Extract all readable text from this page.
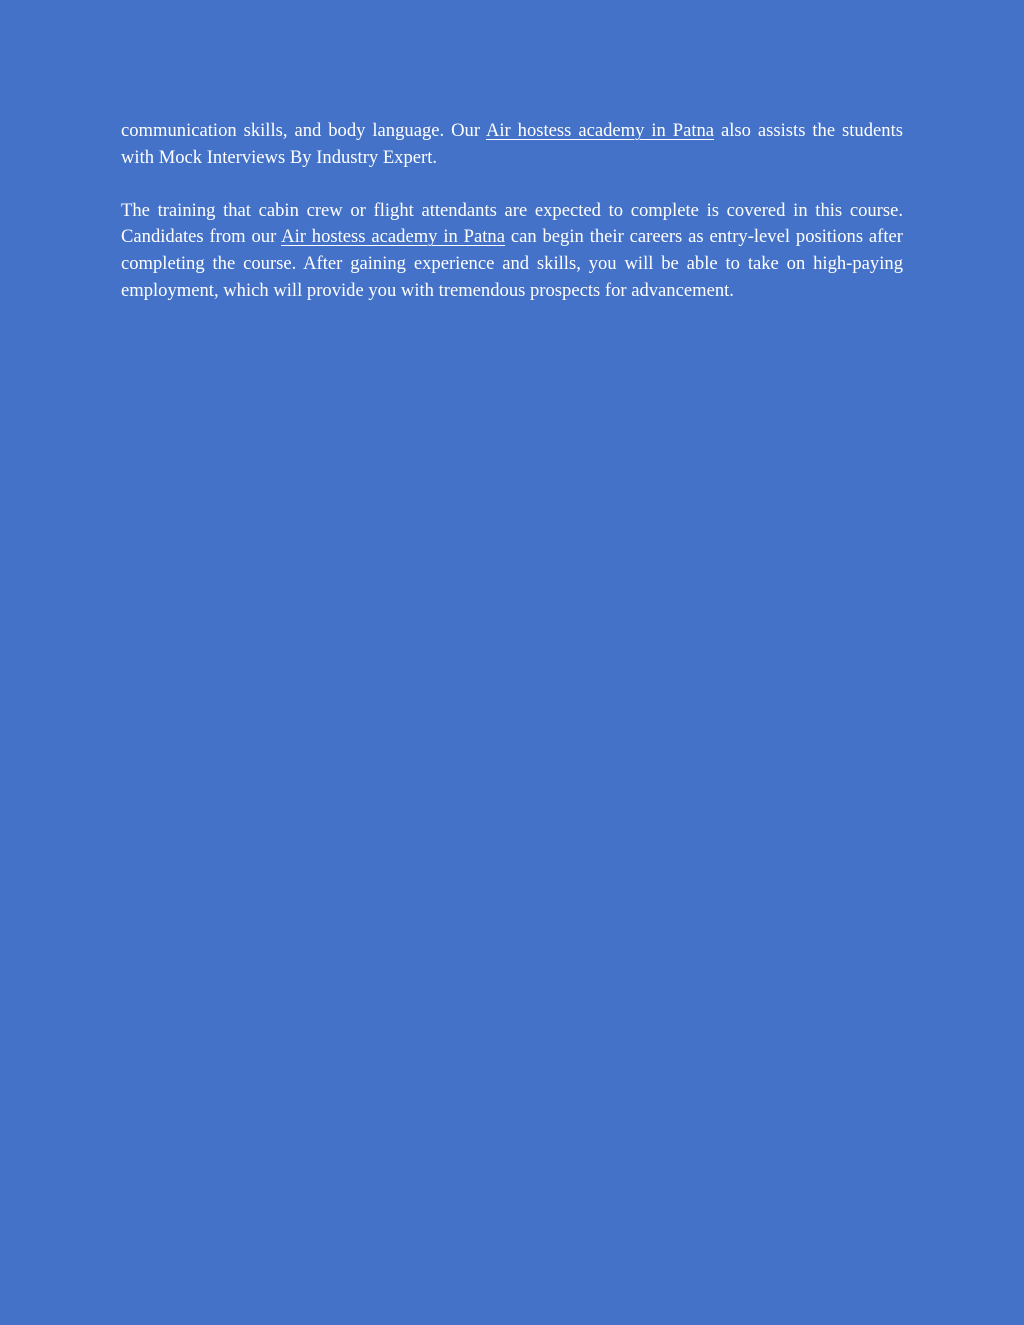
communication skills, and body language. Our Air hostess academy in Patna also assists the students with Mock Interviews By Industry Expert.

The training that cabin crew or flight attendants are expected to complete is covered in this course. Candidates from our Air hostess academy in Patna can begin their careers as entry-level positions after completing the course. After gaining experience and skills, you will be able to take on high-paying employment, which will provide you with tremendous prospects for advancement.
